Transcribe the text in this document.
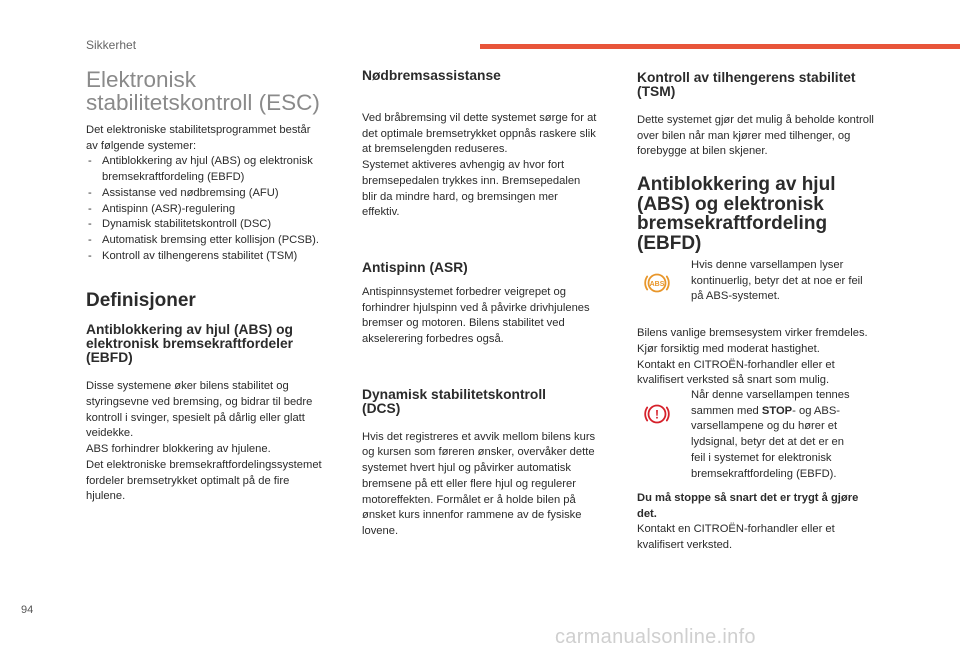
Sikkerhet
Elektronisk
stabilitetskontroll (ESC)

Det elektroniske stabilitetsprogrammet består
av følgende systemer:

- Antiblokkering av hjul (ABS) og elektronisk bremsekraftfordeling (EBFD)
- Assistanse ved nødbremsing (AFU)
- Antispinn (ASR)-regulering
- Dynamisk stabilitetskontroll (DSC)
- Automatisk bremsing etter kollisjon (PCSB).
- Kontroll av tilhengerens stabilitet (TSM)
Definisjoner
Antiblokkering av hjul (ABS) og
elektronisk bremsekraftfordeler
(EBFD)

Disse systemene øker bilens stabilitet og
styringsevne ved bremsing, og bidrar til bedre
kontroll i svinger, spesielt på dårlig eller glatt
veidekke.
ABS forhindrer blokkering av hjulene.
Det elektroniske bremsekraftfordelingssystemet
fordeler bremsetrykket optimalt på de fire
hjulene.

Nødbremsassistanse

Ved bråbremsing vil dette systemet sørge for at
det optimale bremsetrykket oppnås raskere slik
at bremselengden reduseres.
Systemet aktiveres avhengig av hvor fort
bremsepedalen trykkes inn. Bremsepedalen
blir da mindre hard, og bremsingen mer
effektiv.

Antispinn (ASR)

Antispinnsystemet forbedrer veigrepet og
forhindrer hjulspinn ved å påvirke drivhjulenes
bremser og motoren. Bilens stabilitet ved
akselerering forbedres også.

Dynamisk stabilitetskontroll
(DCS)

Hvis det registreres et avvik mellom bilens kurs
og kursen som føreren ønsker, overvåker dette
systemet hvert hjul og påvirker automatisk
bremsene på ett eller flere hjul og regulerer
motoreffekten. Formålet er å holde bilen på
ønsket kurs innenfor rammene av de fysiske
lovene.

Kontroll av tilhengerens stabilitet
(TSM)

Dette systemet gjør det mulig å beholde kontroll
over bilen når man kjører med tilhenger, og
forebygge at bilen skjener.

Antiblokkering av hjul
(ABS) og elektronisk
bremsekraftfordeling
(EBFD)
ABS

Hvis denne varsellampen lyser
kontinuerlig, betyr det at noe er feil
på ABS-systemet.

Bilens vanlige bremsesystem virker fremdeles.
Kjør forsiktig med moderat hastighet.
Kontakt en CITROËN-forhandler eller et
kvalifisert verksted så snart som mulig.

!

Når denne varsellampen tennes
sammen med STOP- og ABS-
varsellampene og du hører et
lydsignal, betyr det at det er en
feil i systemet for elektronisk
bremsekraftfordeling (EBFD).

Du må stoppe så snart det er trygt å gjøre
det.

Kontakt en CITROËN-forhandler eller et
kvalifisert verksted.

94
carmanualsonline.info
